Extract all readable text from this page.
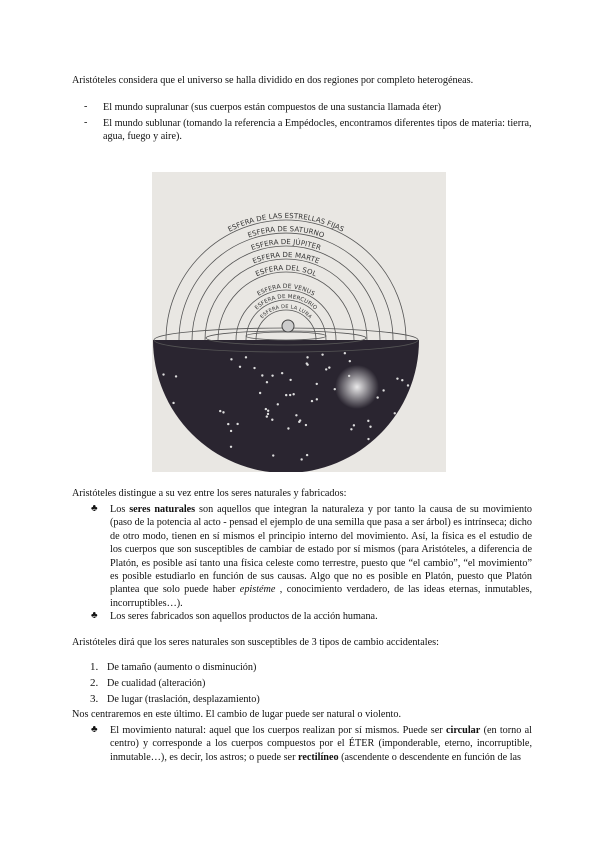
Aristóteles considera que el universo se halla dividido en dos regiones por completo heterogéneas.
- El mundo supralunar (sus cuerpos están compuestos de una sustancia llamada éter)
- El mundo sublunar (tomando la referencia a Empédocles, encontramos diferentes tipos de materia: tierra, agua, fuego y aire).
ESFERA DE LAS ESTRELLAS FIJAS
ESFERA DE SATURNO
ESFERA DE JÚPITER
ESFERA DE MARTE
ESFERA DEL SOL
ESFERA DE VENUS
ESFERA DE MERCURIO
ESFERA DE LA LUNA
Aristóteles distingue a su vez entre los seres naturales y fabricados:
♣ Los seres naturales son aquellos que integran la naturaleza y por tanto la causa de su movimiento (paso de la potencia al acto - pensad el ejemplo de una semilla que pasa a ser árbol) es intrínseca; dicho de otro modo, tienen en sí mismos el principio interno del movimiento. Así, la física es el estudio de los cuerpos que son susceptibles de cambiar de estado por sí mismos (para Aristóteles, a diferencia de Platón, es posible así tanto una física celeste como terrestre, puesto que “el cambio”, “el movimiento” es posible estudiarlo en función de sus causas. Algo que no es posible en Platón, puesto que Platón plantea que solo puede haber epistéme , conocimiento verdadero, de las ideas eternas, inmutables, incorruptibles…).
♣ Los seres fabricados son aquellos productos de la acción humana.
Aristóteles dirá que los seres naturales son susceptibles de 3 tipos de cambio accidentales:
1. De tamaño (aumento o disminución)
2. De cualidad (alteración)
3. De lugar (traslación, desplazamiento)
Nos centraremos en este último. El cambio de lugar puede ser natural o violento.
♣ El movimiento natural: aquel que los cuerpos realizan por sí mismos. Puede ser circular (en torno al centro) y corresponde a los cuerpos compuestos por el ÉTER (imponderable, eterno, incorruptible, inmutable…), es decir, los astros; o puede ser rectilíneo (ascendente o descendente en función de las
